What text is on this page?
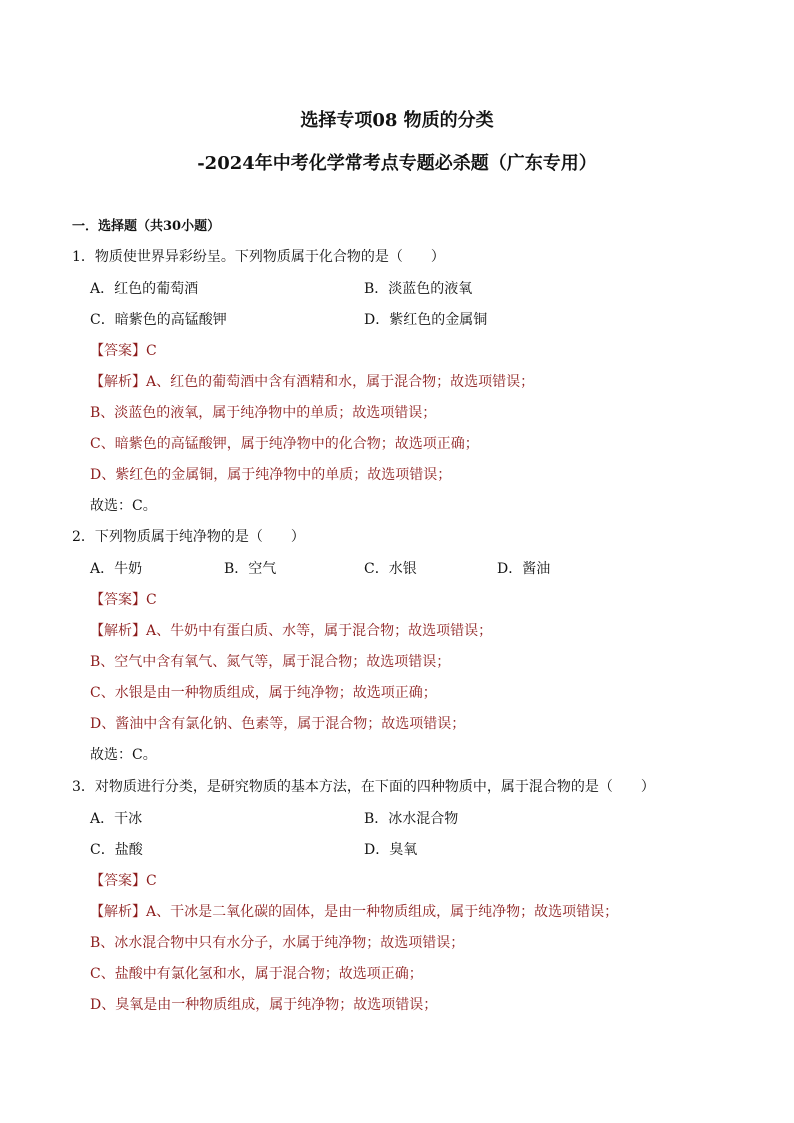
选择专项08 物质的分类
-2024年中考化学常考点专题必杀题（广东专用）
一．选择题（共30小题）
1．物质使世界异彩纷呈。下列物质属于化合物的是（　　）
A．红色的葡萄酒	B．淡蓝色的液氧
C．暗紫色的高锰酸钾	D．紫红色的金属铜
【答案】C
【解析】A、红色的葡萄酒中含有酒精和水，属于混合物；故选项错误；
B、淡蓝色的液氧，属于纯净物中的单质；故选项错误；
C、暗紫色的高锰酸钾，属于纯净物中的化合物；故选项正确；
D、紫红色的金属铜，属于纯净物中的单质；故选项错误；
故选：C。
2．下列物质属于纯净物的是（　　）
A．牛奶	B．空气	C．水银	D．酱油
【答案】C
【解析】A、牛奶中有蛋白质、水等，属于混合物；故选项错误；
B、空气中含有氧气、氮气等，属于混合物；故选项错误；
C、水银是由一种物质组成，属于纯净物；故选项正确；
D、酱油中含有氯化钠、色素等，属于混合物；故选项错误；
故选：C。
3．对物质进行分类，是研究物质的基本方法，在下面的四种物质中，属于混合物的是（　　）
A．干冰	B．冰水混合物
C．盐酸	D．臭氧
【答案】C
【解析】A、干冰是二氧化碳的固体，是由一种物质组成，属于纯净物；故选项错误；
B、冰水混合物中只有水分子，水属于纯净物；故选项错误；
C、盐酸中有氯化氢和水，属于混合物；故选项正确；
D、臭氧是由一种物质组成，属于纯净物；故选项错误；
